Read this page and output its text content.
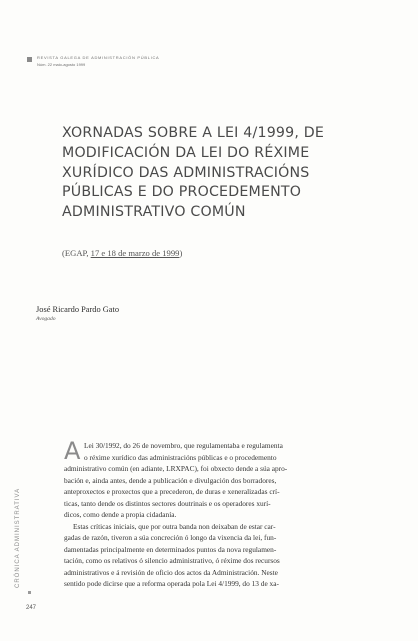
REVISTA GALEGA DE ADMINISTRACIÓN PÚBLICA
Núm. 22 maio-agosto 1999
XORNADAS SOBRE A LEI 4/1999, DE
MODIFICACIÓN DA LEI DO RÉXIME
XURÍDICO DAS ADMINISTRACIÓNS
PÚBLICAS E DO PROCEDEMENTO
ADMINISTRATIVO COMÚN
(EGAP, 17 e 18 de marzo de 1999)
José Ricardo Pardo Gato
Avogado
A Lei 30/1992, do 26 de novembro, que regulamentaba e regulamenta
o réxime xurídico das administracións públicas e o procedemento
administrativo común (en adiante, LRXPAC), foi obxecto dende a súa apro-
bación e, ainda antes, dende a publicación e divulgación dos borradores,
anteproxectos e proxectos que a precederon, de duras e xeneralizadas crí-
ticas, tanto dende os distintos sectores doutrinais e os operadores xurí-
dicos, como dende a propia cidadanía.
Estas críticas iniciais, que por outra banda non deixaban de estar car-
gadas de razón, tiveron a súa concreción ó longo da vixencia da lei, fun-
damentadas principalmente en determinados puntos da nova regulamen-
tación, como os relativos ó silencio administrativo, ó réxime dos recursos
administrativos e á revisión de oficio dos actos da Administración. Neste
sentido pode dicirse que a reforma operada pola Lei 4/1999, do 13 de xa-
CRÓNICA ADMINISTRATIVA
247
